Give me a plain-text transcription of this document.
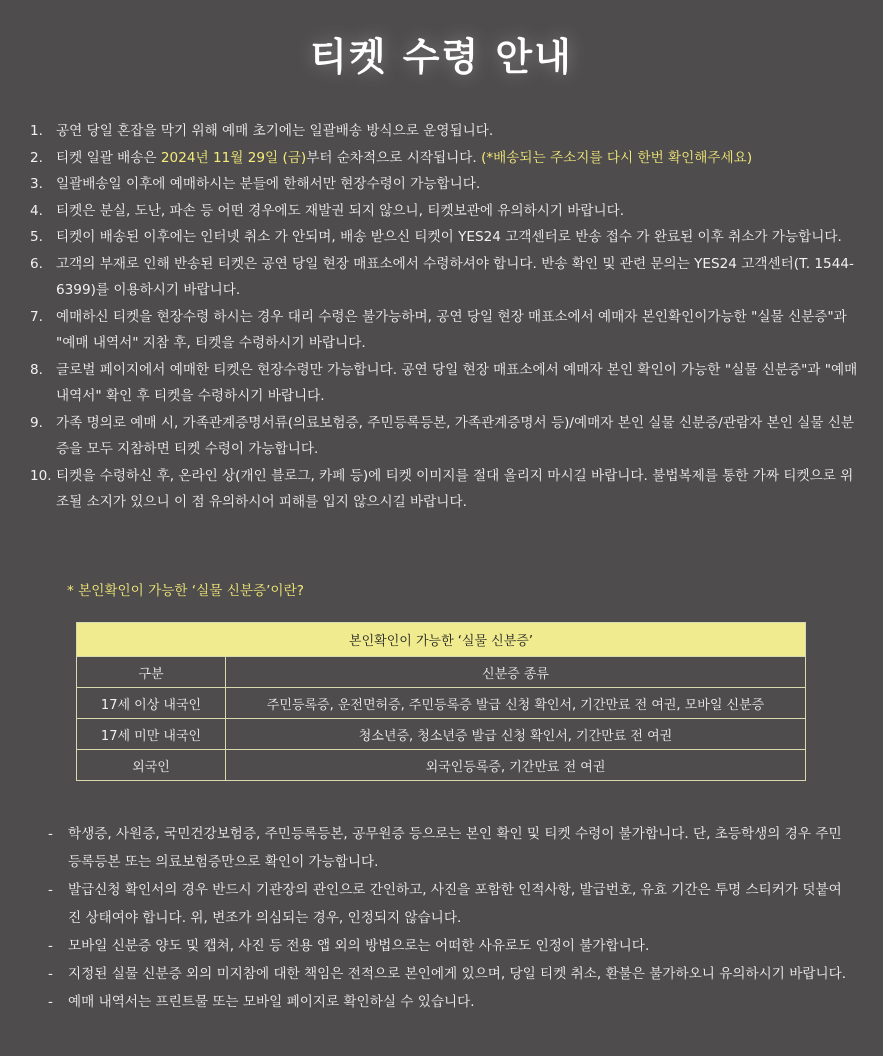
티켓 수령 안내
1. 공연 당일 혼잡을 막기 위해 예매 초기에는 일괄배송 방식으로 운영됩니다.
2. 티켓 일괄 배송은 2024년 11월 29일 (금)부터 순차적으로 시작됩니다. (*배송되는 주소지를 다시 한번 확인해주세요)
3. 일괄배송일 이후에 예매하시는 분들에 한해서만 현장수령이 가능합니다.
4. 티켓은 분실, 도난, 파손 등 어떤 경우에도 재발권 되지 않으니, 티켓보관에 유의하시기 바랍니다.
5. 티켓이 배송된 이후에는 인터넷 취소 가 안되며, 배송 받으신 티켓이 YES24 고객센터로 반송 접수 가 완료된 이후 취소가 가능합니다.
6. 고객의 부재로 인해 반송된 티켓은 공연 당일 현장 매표소에서 수령하셔야 합니다. 반송 확인 및 관련 문의는 YES24 고객센터(T. 1544-6399)를 이용하시기 바랍니다.
7. 예매하신 티켓을 현장수령 하시는 경우 대리 수령은 불가능하며, 공연 당일 현장 매표소에서 예매자 본인확인이가능한 "실물 신분증"과 "예매 내역서" 지참 후, 티켓을 수령하시기 바랍니다.
8. 글로벌 페이지에서 예매한 티켓은 현장수령만 가능합니다. 공연 당일 현장 매표소에서 예매자 본인 확인이 가능한 "실물 신분증"과 "예매 내역서" 확인 후 티켓을 수령하시기 바랍니다.
9. 가족 명의로 예매 시, 가족관계증명서류(의료보험증, 주민등록등본, 가족관계증명서 등)/예매자 본인 실물 신분증/관람자 본인 실물 신분증을 모두 지참하면 티켓 수령이 가능합니다.
10. 티켓을 수령하신 후, 온라인 상(개인 블로그, 카페 등)에 티켓 이미지를 절대 올리지 마시길 바랍니다. 불법복제를 통한 가짜 티켓으로 위조될 소지가 있으니 이 점 유의하시어 피해를 입지 않으시길 바랍니다.
* 본인확인이 가능한 ‘실물 신분증’이란?
본인확인이 가능한 ‘실물 신분증’	
구분	신분증 종류
17세 이상 내국인	주민등록증, 운전면허증, 주민등록증 발급 신청 확인서, 기간만료 전 여권, 모바일 신분증
17세 미만 내국인	청소년증, 청소년증 발급 신청 확인서, 기간만료 전 여권
외국인	외국인등록증, 기간만료 전 여권
-	학생증, 사원증, 국민건강보험증, 주민등록등본, 공무원증 등으로는 본인 확인 및 티켓 수령이 불가합니다. 단, 초등학생의 경우 주민등록등본 또는 의료보험증만으로 확인이 가능합니다.
-	발급신청 확인서의 경우 반드시 기관장의 관인으로 간인하고, 사진을 포함한 인적사항, 발급번호, 유효 기간은 투명 스티커가 덧붙여진 상태여야 합니다. 위, 변조가 의심되는 경우, 인정되지 않습니다.
-	모바일 신분증 양도 및 캡쳐, 사진 등 전용 앱 외의 방법으로는 어떠한 사유로도 인정이 불가합니다.
-	지정된 실물 신분증 외의 미지참에 대한 책임은 전적으로 본인에게 있으며, 당일 티켓 취소, 환불은 불가하오니 유의하시기 바랍니다.
-	예매 내역서는 프린트물 또는 모바일 페이지로 확인하실 수 있습니다.
